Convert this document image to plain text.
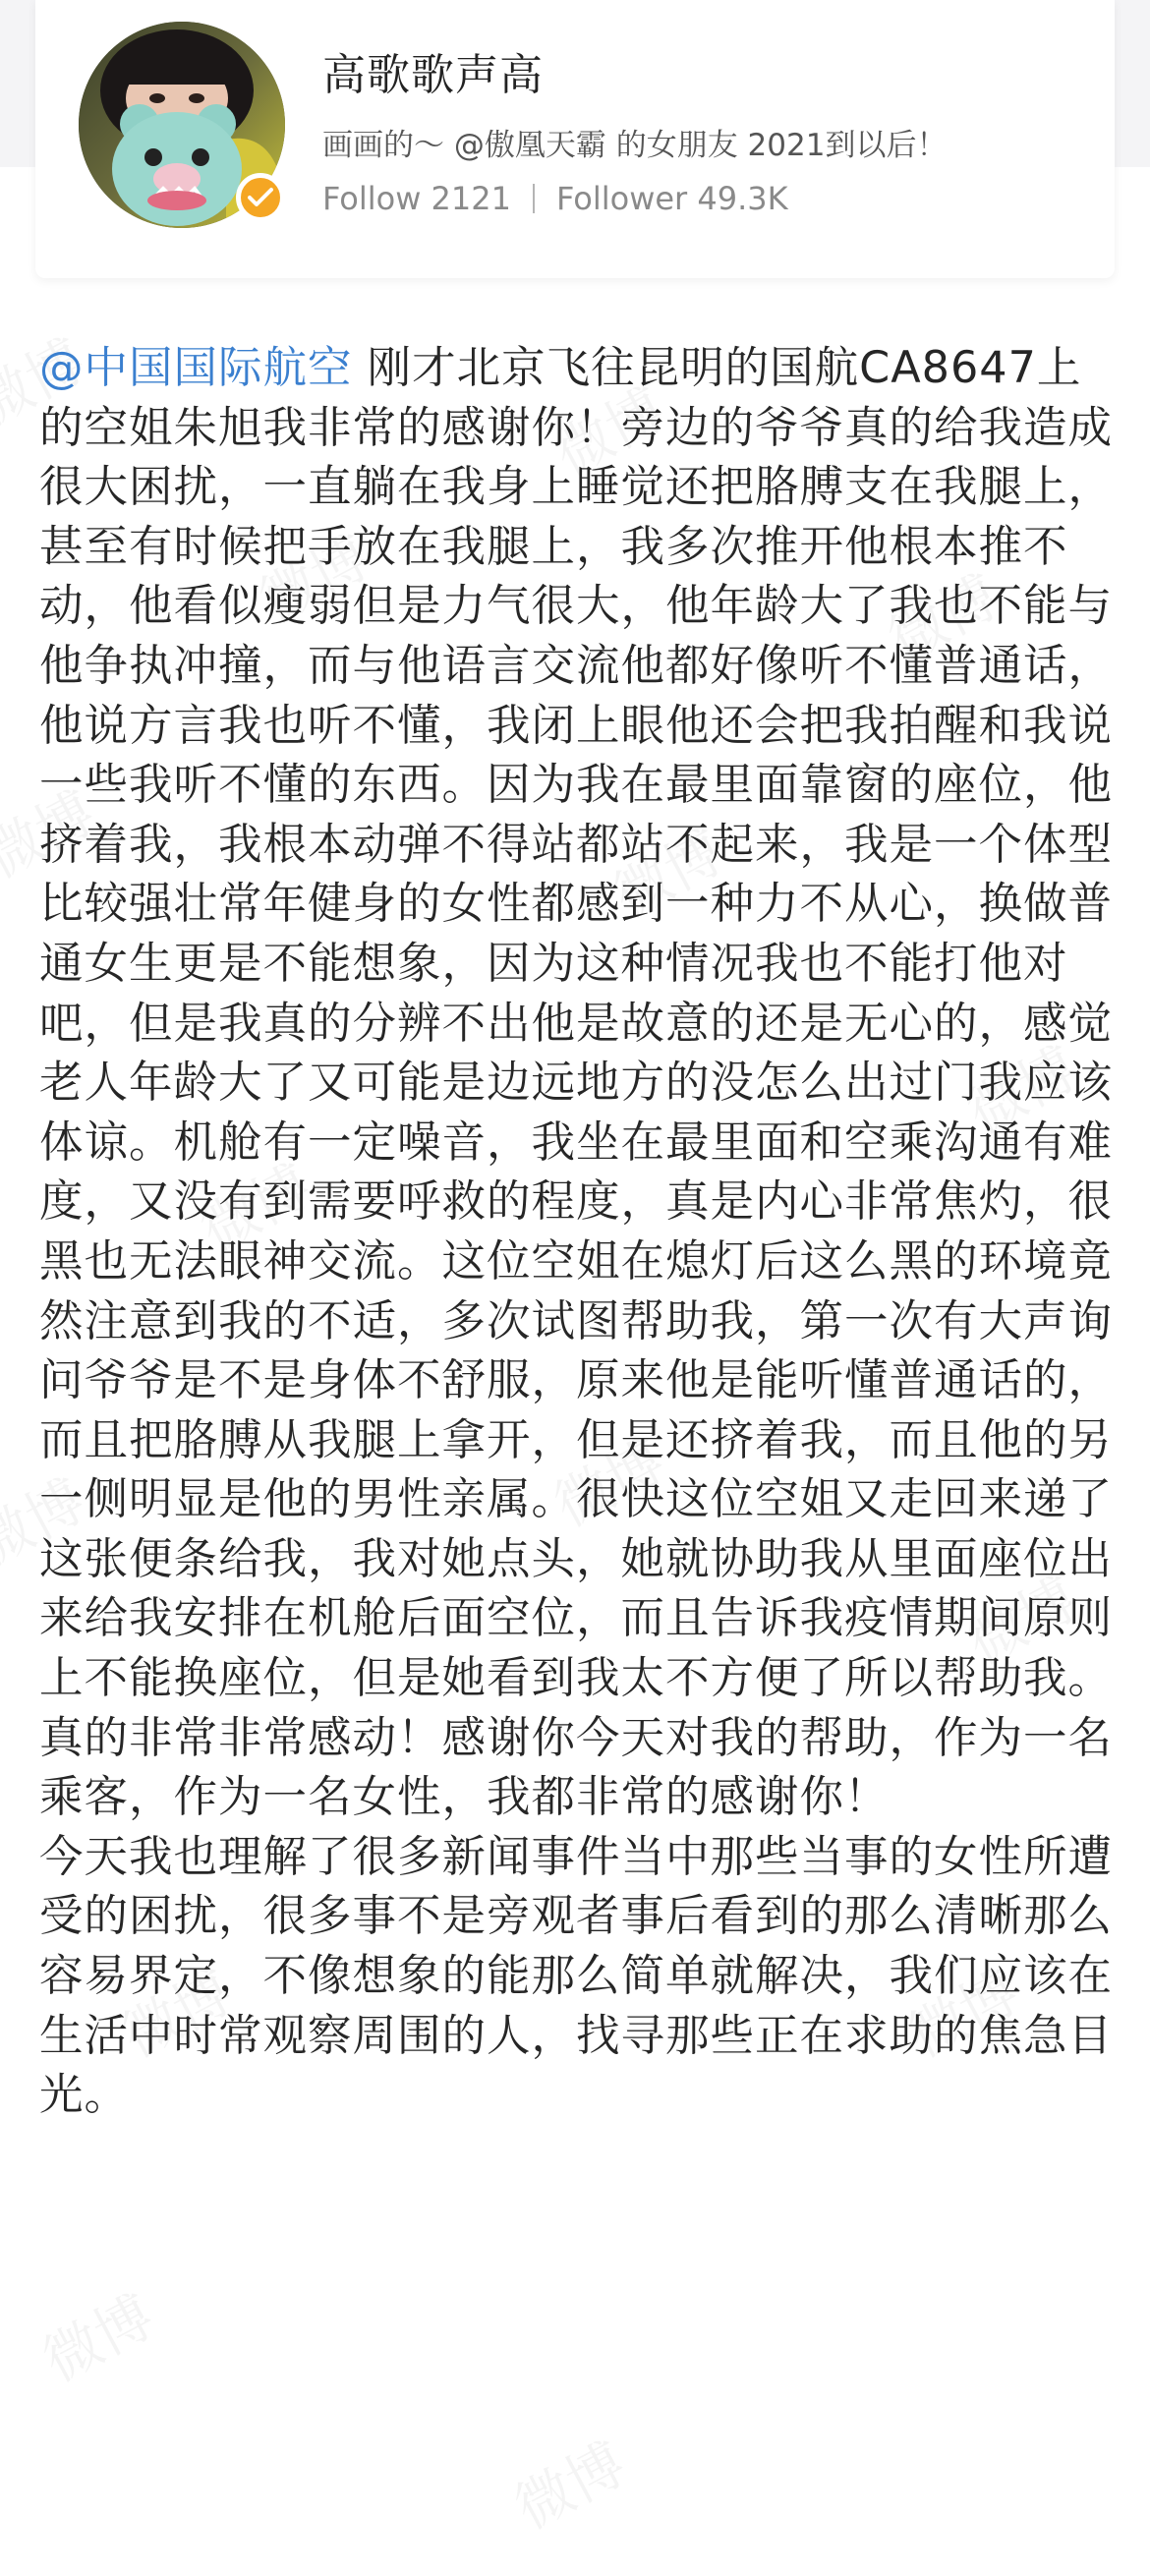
高歌歌声高
画画的～ @傲凰天霸 的女朋友 2021到以后！
Follow 2121 Follower 49.3K

@中国国际航空 刚才北京飞往昆明的国航CA8647上的空姐朱旭我非常的感谢你！旁边的爷爷真的给我造成很大困扰，一直躺在我身上睡觉还把胳膊支在我腿上，甚至有时候把手放在我腿上，我多次推开他根本推不动，他看似瘦弱但是力气很大，他年龄大了我也不能与他争执冲撞，而与他语言交流他都好像听不懂普通话，他说方言我也听不懂，我闭上眼他还会把我拍醒和我说一些我听不懂的东西。因为我在最里面靠窗的座位，他挤着我，我根本动弹不得站都站不起来，我是一个体型比较强壮常年健身的女性都感到一种力不从心，换做普通女生更是不能想象，因为这种情况我也不能打他对吧，但是我真的分辨不出他是故意的还是无心的，感觉老人年龄大了又可能是边远地方的没怎么出过门我应该体谅。机舱有一定噪音，我坐在最里面和空乘沟通有难度，又没有到需要呼救的程度，真是内心非常焦灼，很黑也无法眼神交流。这位空姐在熄灯后这么黑的环境竟然注意到我的不适，多次试图帮助我，第一次有大声询问爷爷是不是身体不舒服，原来他是能听懂普通话的，而且把胳膊从我腿上拿开，但是还挤着我，而且他的另一侧明显是他的男性亲属。很快这位空姐又走回来递了这张便条给我，我对她点头，她就协助我从里面座位出来给我安排在机舱后面空位，而且告诉我疫情期间原则上不能换座位，但是她看到我太不方便了所以帮助我。真的非常非常感动！感谢你今天对我的帮助，作为一名乘客，作为一名女性，我都非常的感谢你！

今天我也理解了很多新闻事件当中那些当事的女性所遭受的困扰，很多事不是旁观者事后看到的那么清晰那么容易界定，不像想象的能那么简单就解决，我们应该在生活中时常观察周围的人，找寻那些正在求助的焦急目光。
